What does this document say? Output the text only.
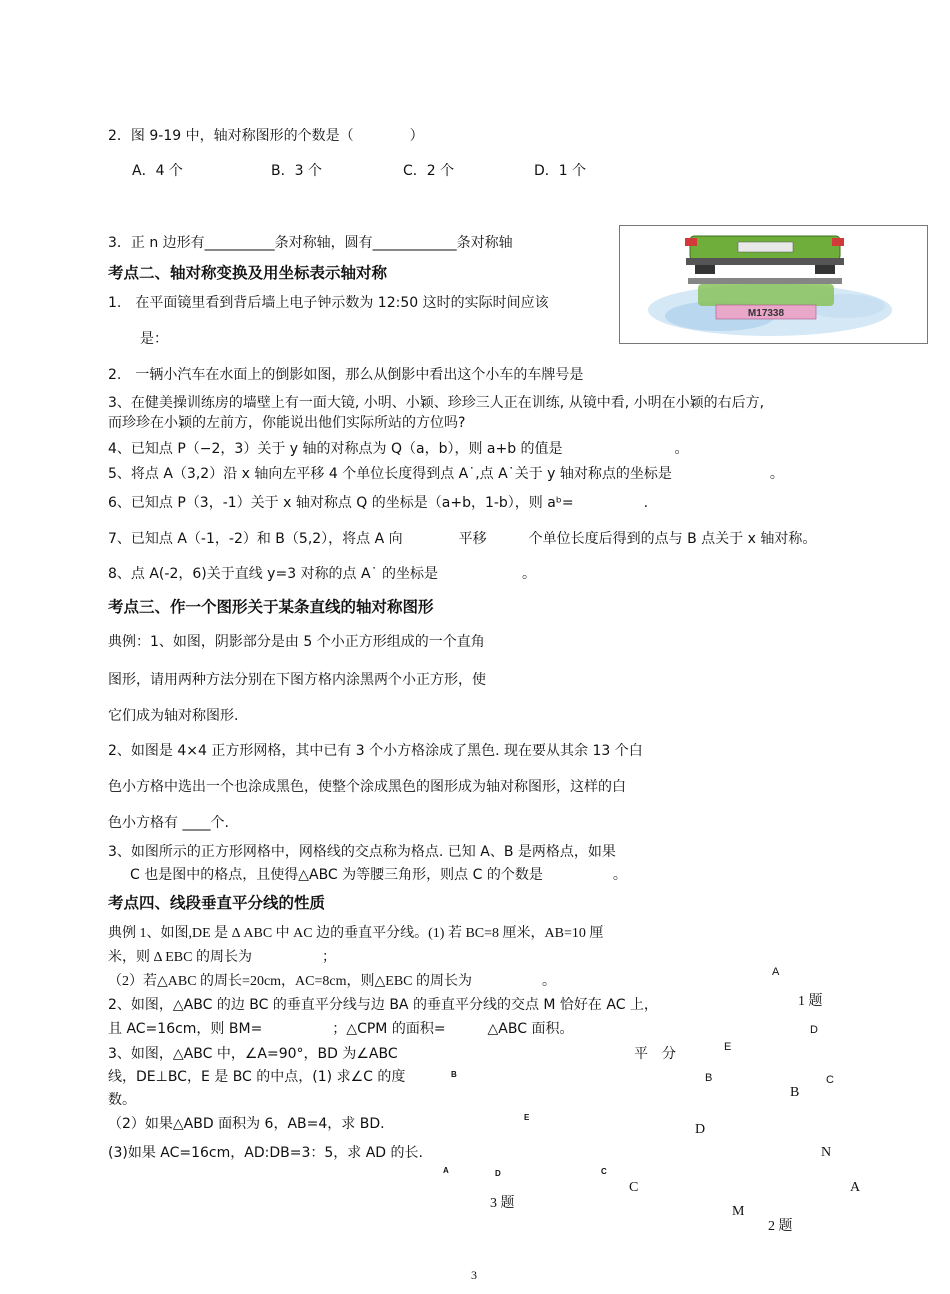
2．图 9-19 中，轴对称图形的个数是（　　　　）
A．4 个	B．3 个	C．2 个	D．1 个
3．正 n 边形有__________条对称轴，圆有____________条对称轴
M17338
考点二、轴对称变换及用坐标表示轴对称
1.　在平面镜里看到背后墙上电子钟示数为 12:50 这时的实际时间应该
是：
2.　一辆小汽车在水面上的倒影如图，那么从倒影中看出这个小车的车牌号是
3、在健美操训练房的墙壁上有一面大镜, 小明、小颖、珍珍三人正在训练, 从镜中看, 小明在小颖的右后方,
而珍珍在小颖的左前方，你能说出他们实际所站的方位吗?
4、已知点 P（−2，3）关于 y 轴的对称点为 Q（a，b），则 a+b 的值是　　　　　　　　。
5、将点 A（3,2）沿 x 轴向左平移 4 个单位长度得到点 A˙,点 A˙关于 y 轴对称点的坐标是　　　　　　　。
6、已知点 P（3，-1）关于 x 轴对称点 Q 的坐标是（a+b，1-b），则 aᵇ=　　　　　.
7、已知点 A（-1，-2）和 B（5,2），将点 A 向　　　　平移　　　个单位长度后得到的点与 B 点关于 x 轴对称。
8、点 A(-2，6)关于直线 y=3 对称的点 A˙ 的坐标是　　　　　　。
考点三、作一个图形关于某条直线的轴对称图形
典例：1、如图，阴影部分是由 5 个小正方形组成的一个直角
图形，请用两种方法分别在下图方格内涂黑两个小正方形，使
它们成为轴对称图形.
2、如图是 4×4 正方形网格，其中已有 3 个小方格涂成了黑色. 现在要从其余 13 个白
色小方格中选出一个也涂成黑色，使整个涂成黑色的图形成为轴对称图形，这样的白
色小方格有 ____个.
3、如图所示的正方形网格中，网格线的交点称为格点. 已知 A、B 是两格点，如果
C 也是图中的格点，且使得△ABC 为等腰三角形，则点 C 的个数是　　　　　。
考点四、线段垂直平分线的性质
典例 1、如图,DE 是 Δ ABC 中 AC 边的垂直平分线。(1) 若 BC=8 厘米，AB=10 厘
米，则 Δ EBC 的周长为　　　　　；
（2）若△ABC 的周长=20cm，AC=8cm，则△EBC 的周长为　　　　　。
2、如图，△ABC 的边 BC 的垂直平分线与边 BA 的垂直平分线的交点 M 恰好在 AC 上，
且 AC=16cm，则 BM=　　　　　；△CPM 的面积=　　　△ABC 面积。
3、如图，△ABC 中，∠A=90°，BD 为∠ABC	平　分
线，DE⊥BC，E 是 BC 的中点，(1) 求∠C 的度
数。
（2）如果△ABD 面积为 6，AB=4，求 BD.
(3)如果 AC=16cm，AD:DB=3：5，求 AD 的长.
A
1 题
D
E
B	C
B
E
A	D	C
3 题
B
D
N
C	A
M
2 题
3
